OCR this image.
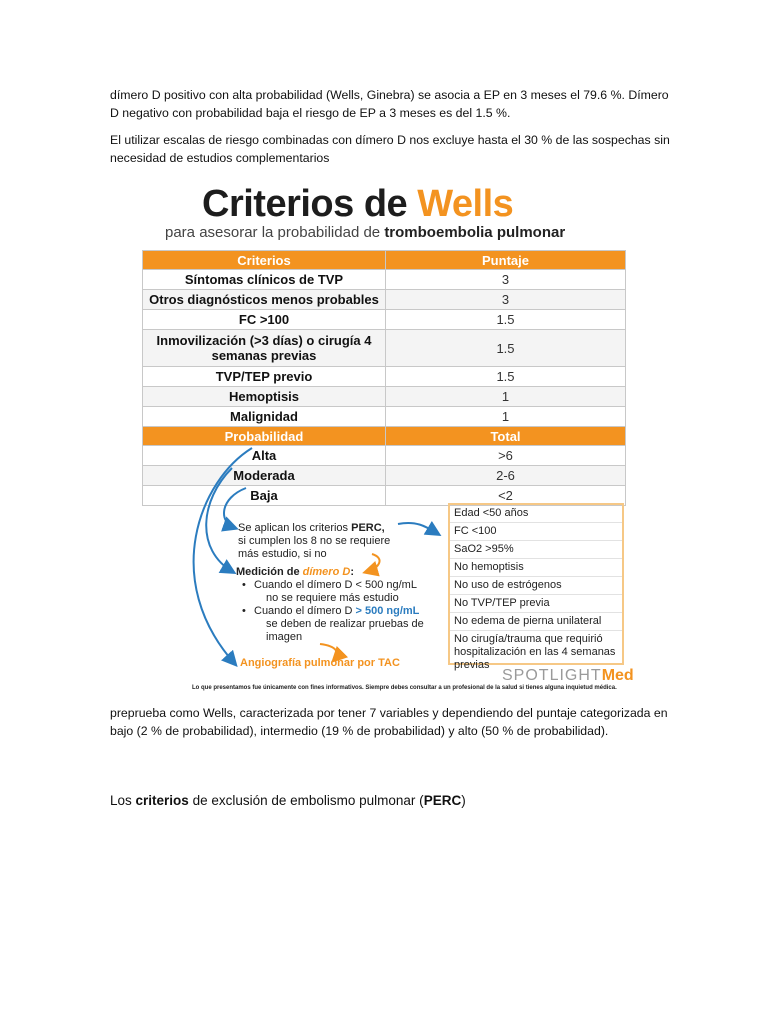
dímero D positivo con alta probabilidad (Wells, Ginebra) se asocia a EP en 3 meses el 79.6 %. Dímero D negativo con probabilidad baja el riesgo de EP a 3 meses es del 1.5 %.
El utilizar escalas de riesgo combinadas con dímero D nos excluye hasta el 30 % de las sospechas sin necesidad de estudios complementarios
Criterios de Wells
para asesorar la probabilidad de tromboembolia pulmonar
Criterios	Puntaje
Síntomas clínicos de TVP	3
Otros diagnósticos menos probables	3
FC >100	1.5
Inmovilización (>3 días) o cirugía 4 semanas previas	1.5
TVP/TEP previo	1.5
Hemoptisis	1
Malignidad	1
Probabilidad	Total
Alta	>6
Moderada	2-6
Baja	<2
Se aplican los criterios PERC,
si cumplen los 8 no se requiere más estudio, si no
Medición de dímero D:
• Cuando el dímero D < 500 ng/mL
no se requiere más estudio
• Cuando el dímero D > 500 ng/mL
se deben de realizar pruebas de imagen
Angiografía pulmonar por TAC
Edad <50 años
FC <100
SaO2 >95%
No hemoptisis
No uso de estrógenos
No TVP/TEP previa
No edema de pierna unilateral
No cirugía/trauma que requirió hospitalización en las 4 semanas previas
SPOTLIGHTMed
Lo que presentamos fue únicamente con fines informativos. Siempre debes consultar a un profesional de la salud si tienes alguna inquietud médica.
preprueba como Wells, caracterizada por tener 7 variables y dependiendo del puntaje categorizada en bajo (2 % de probabilidad), intermedio (19 % de probabilidad) y alto (50 % de probabilidad).
Los criterios de exclusión de embolismo pulmonar (PERC)
